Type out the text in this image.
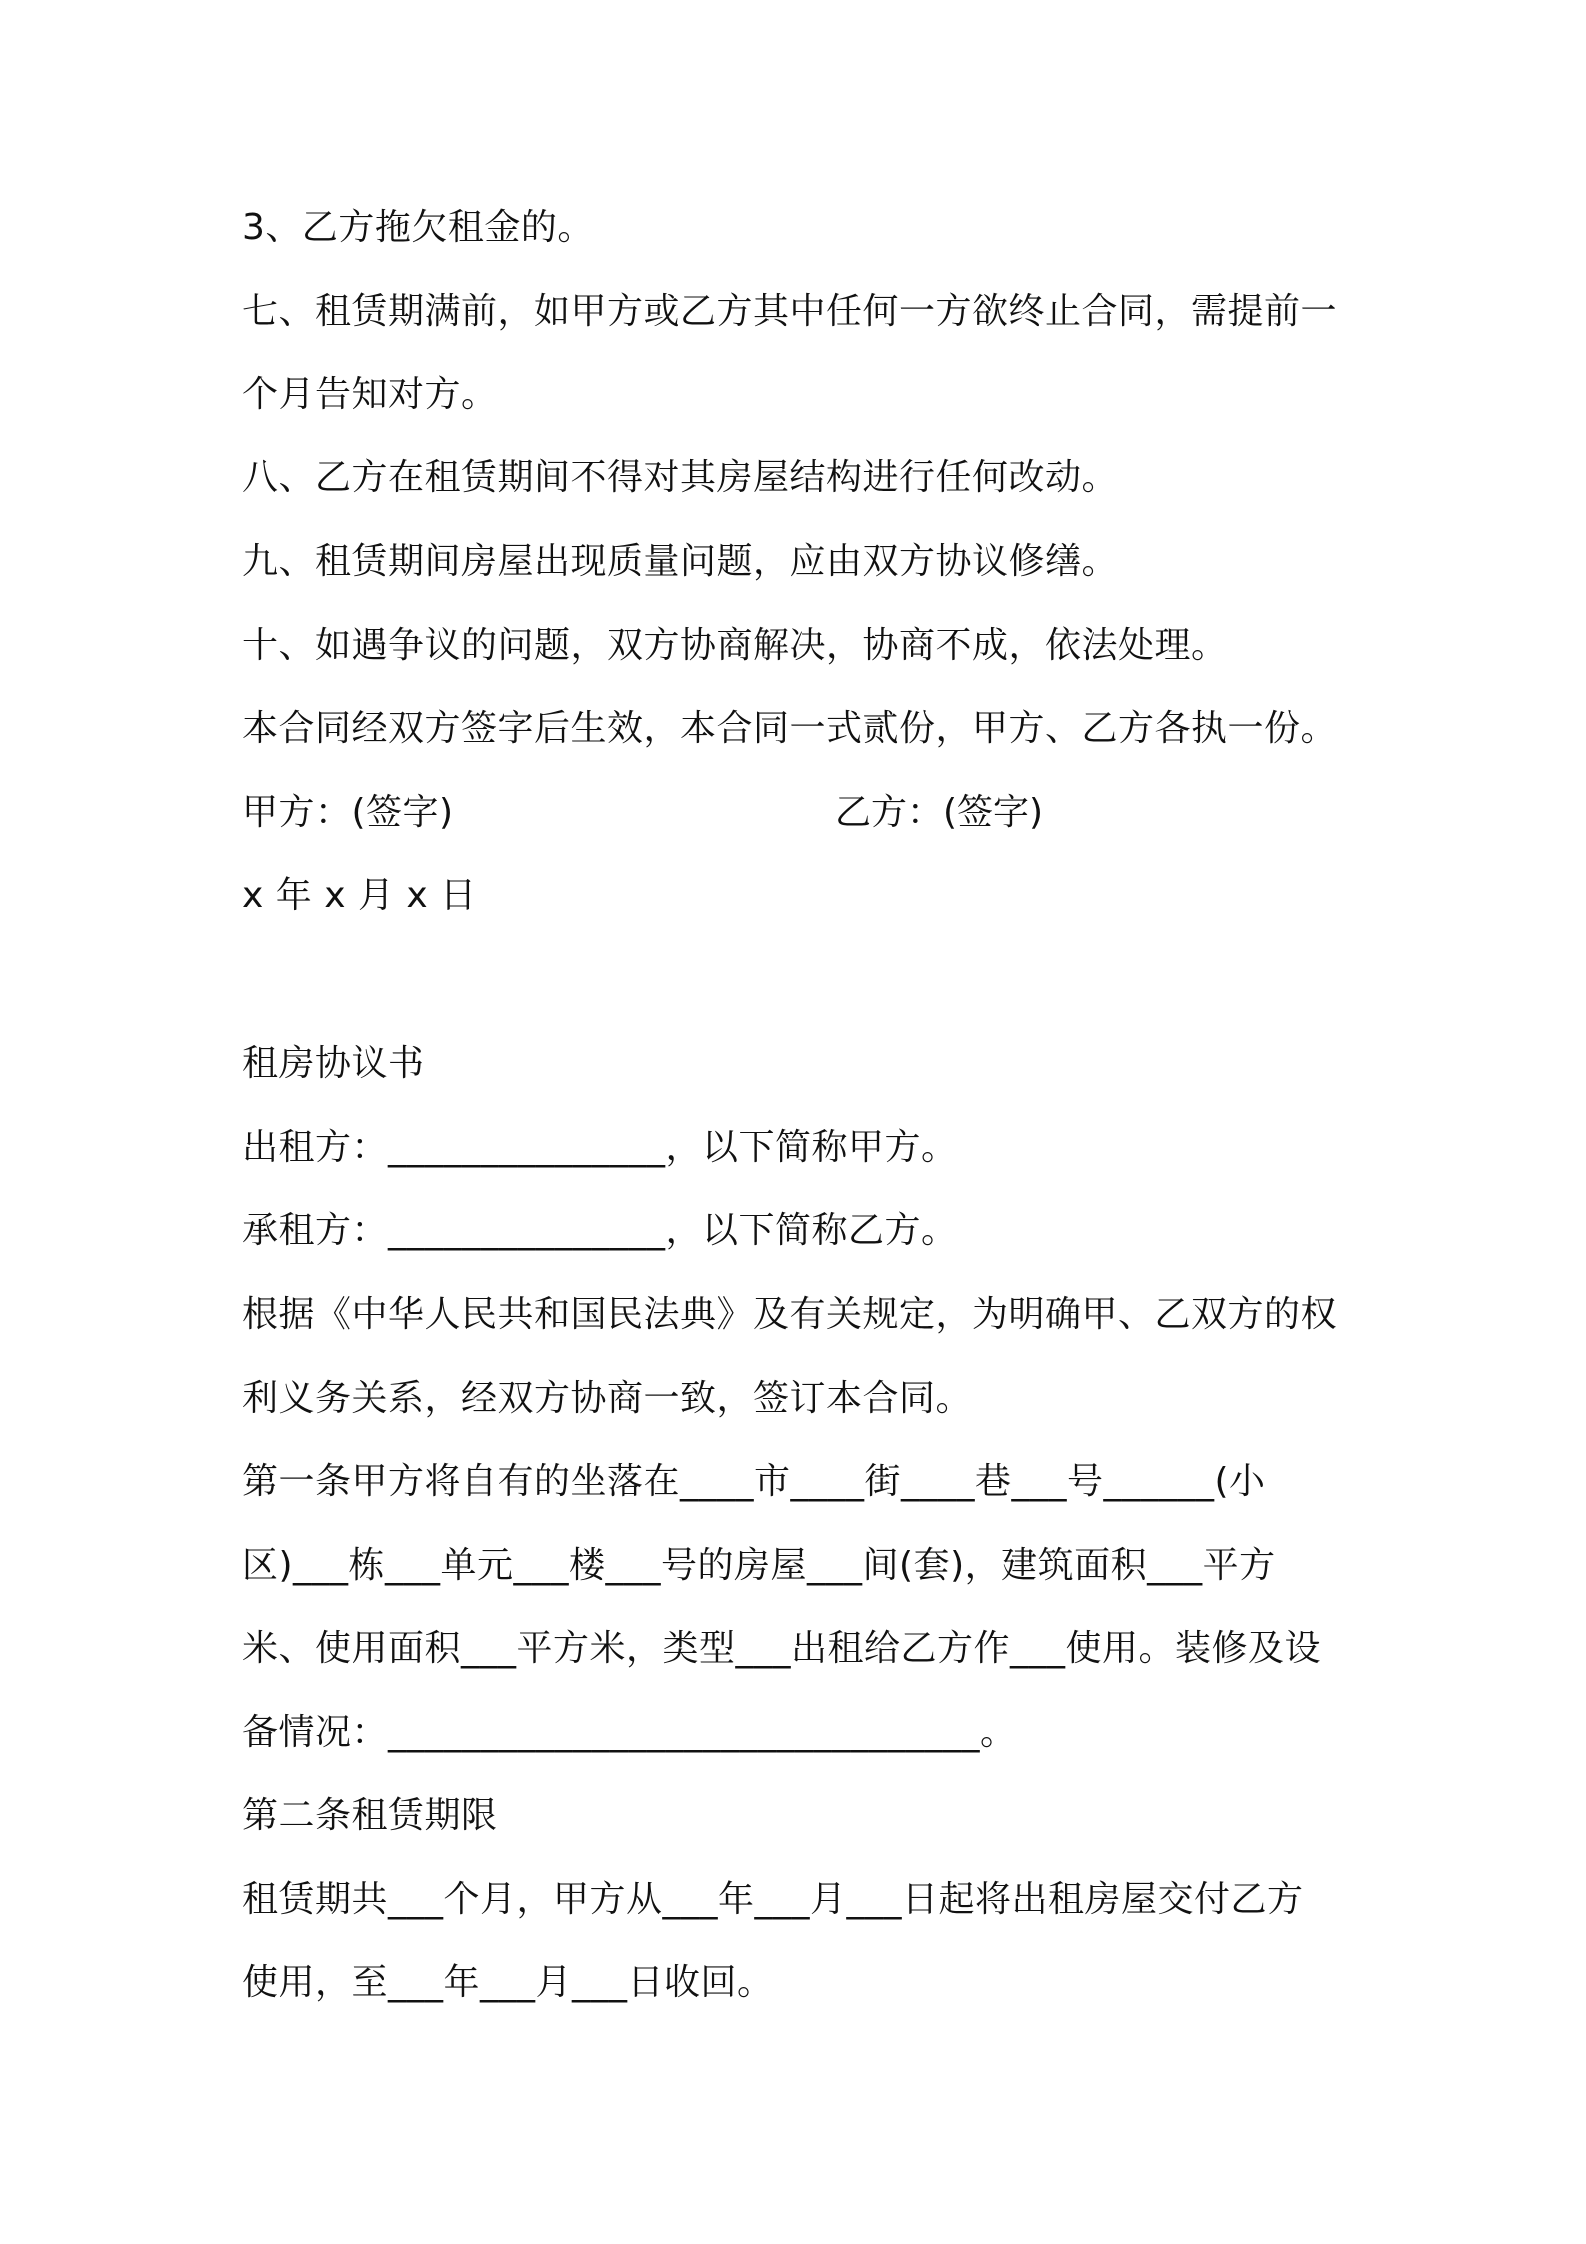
3、乙方拖欠租金的。
七、租赁期满前，如甲方或乙方其中任何一方欲终止合同，需提前一
个月告知对方。
八、乙方在租赁期间不得对其房屋结构进行任何改动。
九、租赁期间房屋出现质量问题，应由双方协议修缮。
十、如遇争议的问题，双方协商解决，协商不成，依法处理。
本合同经双方签字后生效，本合同一式贰份，甲方、乙方各执一份。
甲方：(签字)	乙方：(签字)
x 年 x 月 x 日
租房协议书
出租方：_______________，以下简称甲方。
承租方：_______________，以下简称乙方。
根据《中华人民共和国民法典》及有关规定，为明确甲、乙双方的权
利义务关系，经双方协商一致，签订本合同。
第一条甲方将自有的坐落在____市____街____巷___号______(小
区)___栋___单元___楼___号的房屋___间(套)，建筑面积___平方
米、使用面积___平方米，类型___出租给乙方作___使用。装修及设
备情况：________________________________。
第二条租赁期限
租赁期共___个月，甲方从___年___月___日起将出租房屋交付乙方
使用，至___年___月___日收回。
